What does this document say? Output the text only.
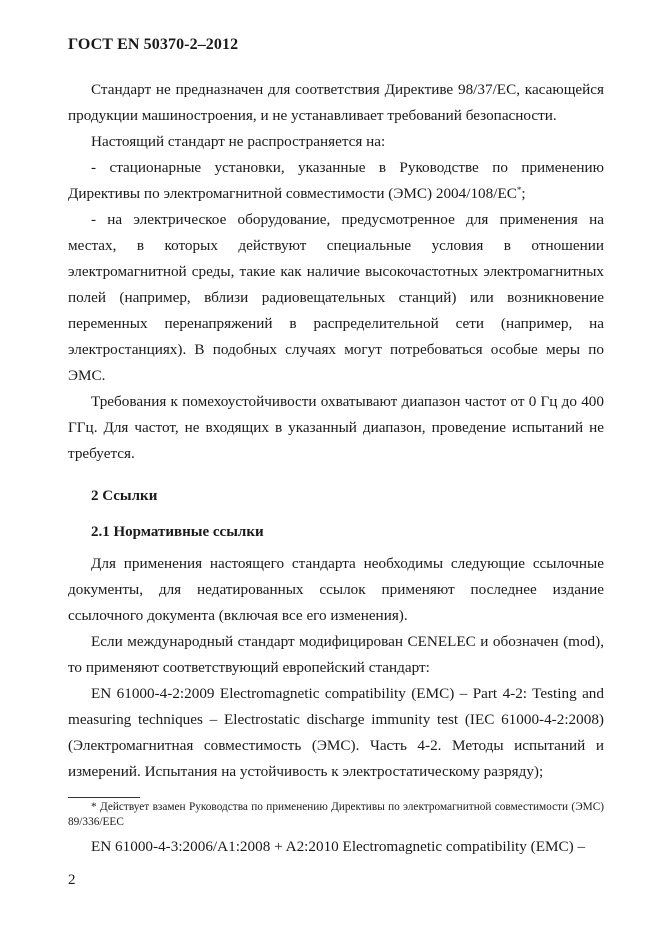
ГОСТ EN 50370-2–2012

Стандарт не предназначен для соответствия Директиве 98/37/ЕС, касающейся продукции машиностроения, и не устанавливает требований безопасности.

Настоящий стандарт не распространяется на:

- стационарные установки, указанные в Руководстве по применению Директивы по электромагнитной совместимости (ЭМС) 2004/108/ЕС*;

- на электрическое оборудование, предусмотренное для применения на местах, в которых действуют специальные условия в отношении электромагнитной среды, такие как наличие высокочастотных электромагнитных полей (например, вблизи радиовещательных станций) или возникновение переменных перенапряжений в распределительной сети (например, на электростанциях). В подобных случаях могут потребоваться особые меры по ЭМС.

Требования к помехоустойчивости охватывают диапазон частот от 0 Гц до 400 ГГц. Для частот, не входящих в указанный диапазон, проведение испытаний не требуется.

2 Ссылки

2.1 Нормативные ссылки

Для применения настоящего стандарта необходимы следующие ссылочные документы, для недатированных ссылок применяют последнее издание ссылочного документа (включая все его изменения).

Если международный стандарт модифицирован CENELEC и обозначен (mod), то применяют соответствующий европейский стандарт:

EN 61000-4-2:2009 Electromagnetic compatibility (EMC) – Part 4-2: Testing and measuring techniques – Electrostatic discharge immunity test (IEC 61000-4-2:2008) (Электромагнитная совместимость (ЭМС). Часть 4-2. Методы испытаний и измерений. Испытания на устойчивость к электростатическому разряду);

* Действует взамен Руководства по применению Директивы по электромагнитной совместимости (ЭМС) 89/336/ЕЕС

EN 61000-4-3:2006/A1:2008 + A2:2010 Electromagnetic compatibility (EMC) –

2
